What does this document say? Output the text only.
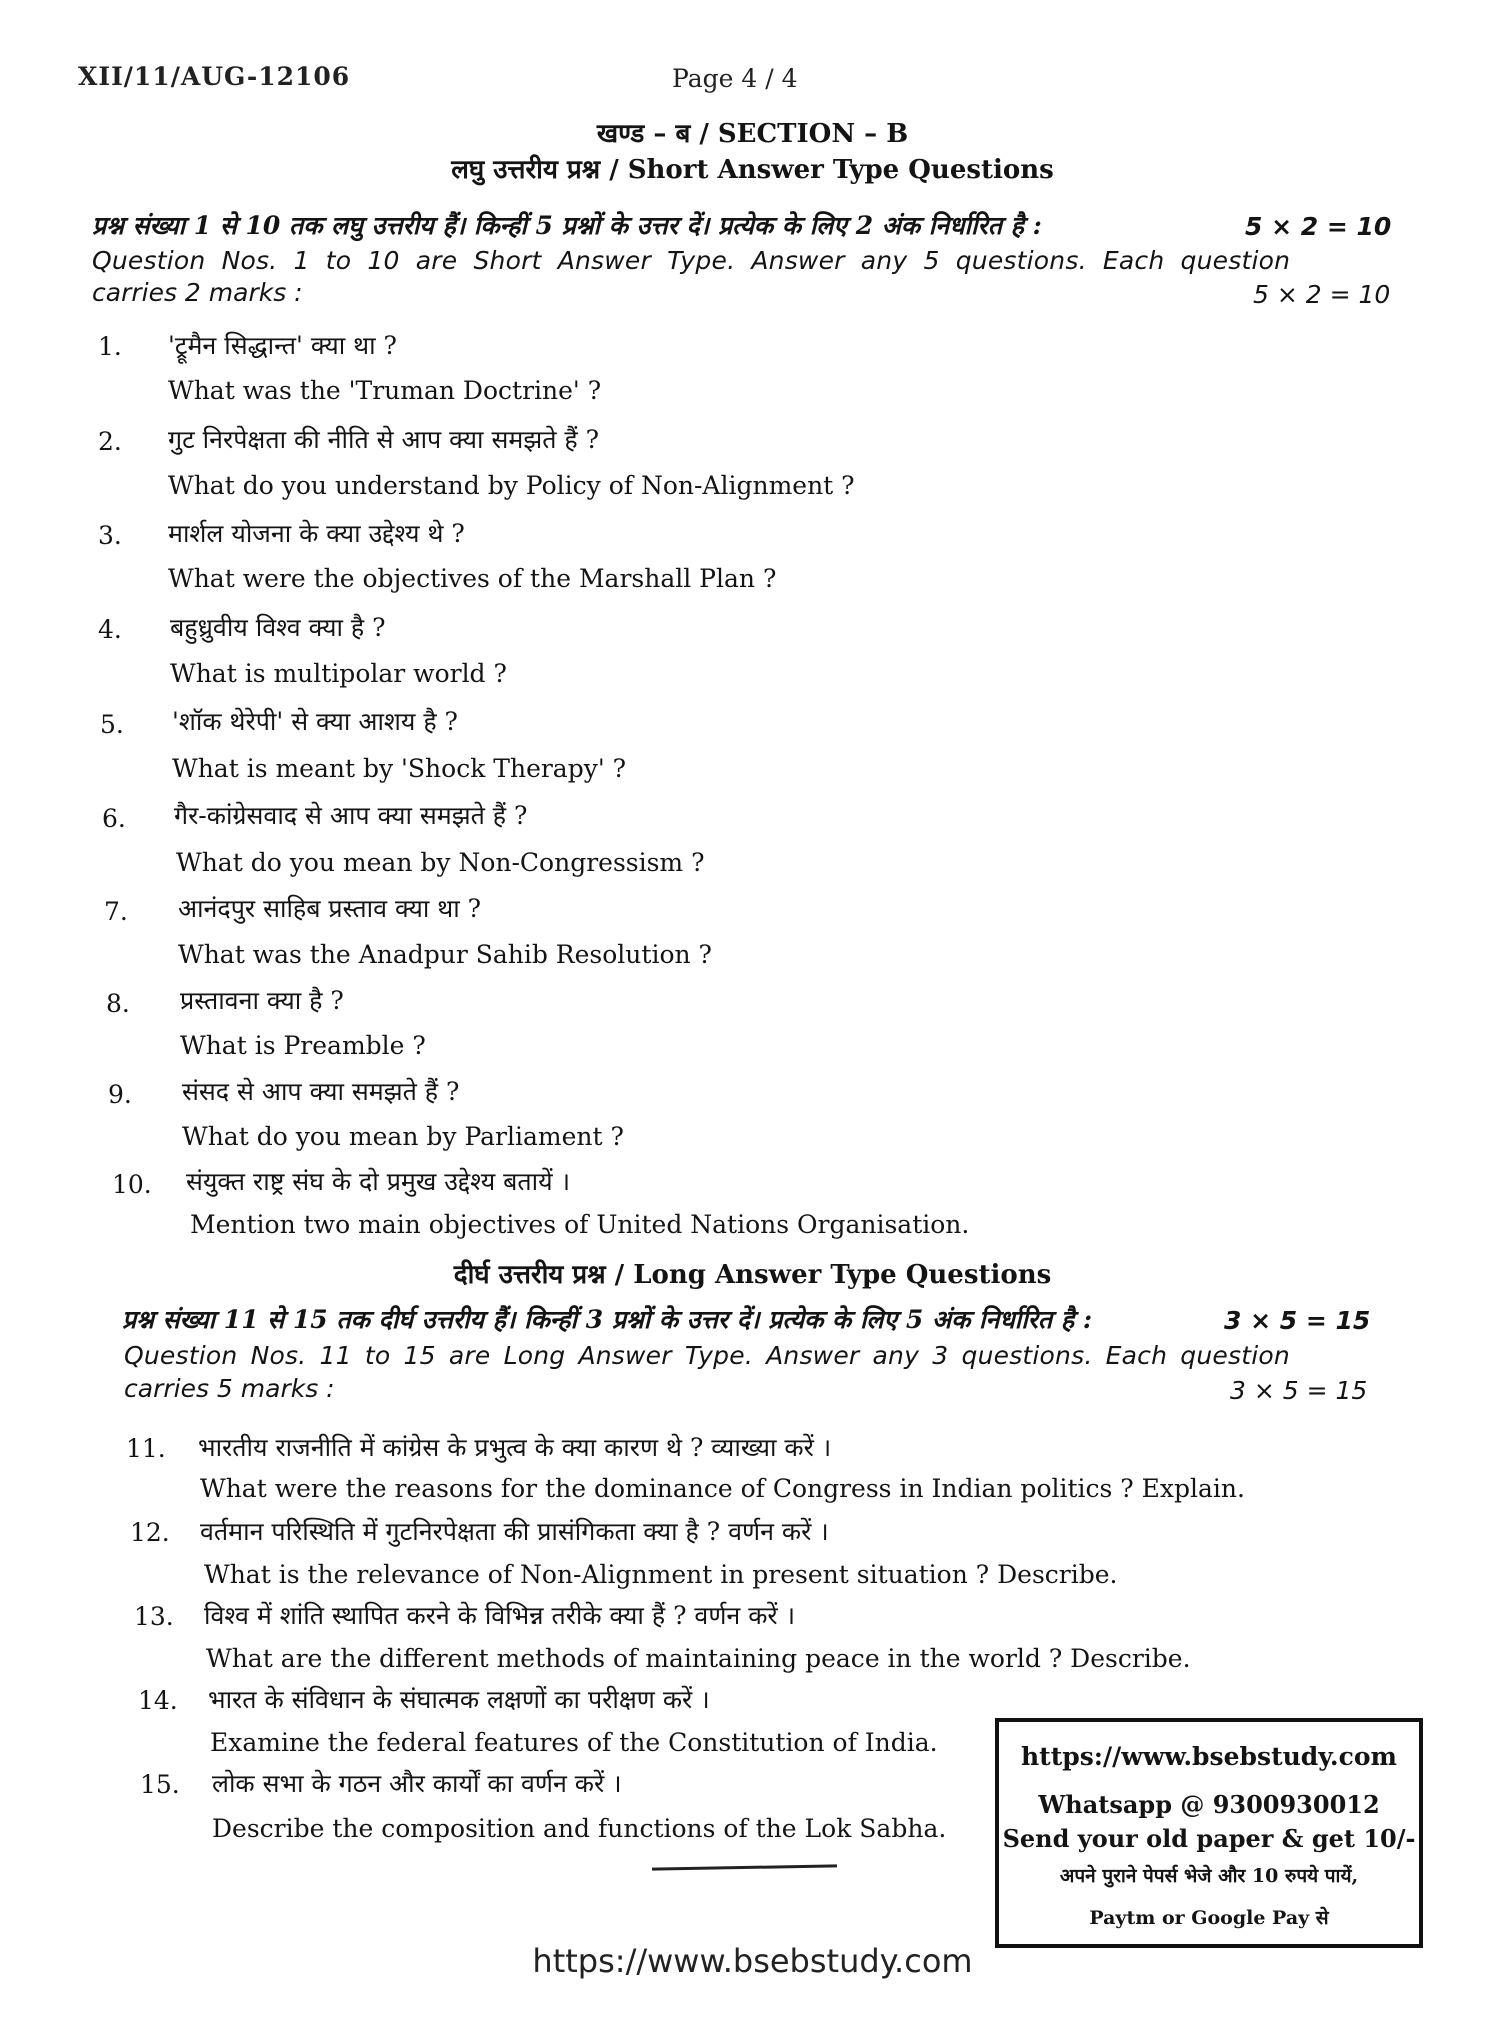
XII/11/AUG-12106	Page 4 / 4
खण्ड – ब / SECTION – B
लघु उत्तरीय प्रश्न / Short Answer Type Questions
प्रश्न संख्या 1 से 10 तक लघु उत्तरीय हैं। किन्हीं 5 प्रश्नों के उत्तर दें। प्रत्येक के लिए 2 अंक निर्धारित है :	5 × 2 = 10
Question Nos. 1 to 10 are Short Answer Type. Answer any 5 questions. Each question
carries 2 marks :	5 × 2 = 10
1. 'ट्रूमैन सिद्धान्त' क्या था ?
What was the 'Truman Doctrine' ?
2. गुट निरपेक्षता की नीति से आप क्या समझते हैं ?
What do you understand by Policy of Non-Alignment ?
3. मार्शल योजना के क्या उद्देश्य थे ?
What were the objectives of the Marshall Plan ?
4. बहुध्रुवीय विश्व क्या है ?
What is multipolar world ?
5. 'शॉक थेरेपी' से क्या आशय है ?
What is meant by 'Shock Therapy' ?
6. गैर-कांग्रेसवाद से आप क्या समझते हैं ?
What do you mean by Non-Congressism ?
7. आनंदपुर साहिब प्रस्ताव क्या था ?
What was the Anadpur Sahib Resolution ?
8. प्रस्तावना क्या है ?
What is Preamble ?
9. संसद से आप क्या समझते हैं ?
What do you mean by Parliament ?
10. संयुक्त राष्ट्र संघ के दो प्रमुख उद्देश्य बतायें ।
Mention two main objectives of United Nations Organisation.
दीर्घ उत्तरीय प्रश्न / Long Answer Type Questions
प्रश्न संख्या 11 से 15 तक दीर्घ उत्तरीय हैं। किन्हीं 3 प्रश्नों के उत्तर दें। प्रत्येक के लिए 5 अंक निर्धारित है :	3 × 5 = 15
Question Nos. 11 to 15 are Long Answer Type. Answer any 3 questions. Each question
carries 5 marks :	3 × 5 = 15
11. भारतीय राजनीति में कांग्रेस के प्रभुत्व के क्या कारण थे ? व्याख्या करें ।
What were the reasons for the dominance of Congress in Indian politics ? Explain.
12. वर्तमान परिस्थिति में गुटनिरपेक्षता की प्रासंगिकता क्या है ? वर्णन करें ।
What is the relevance of Non-Alignment in present situation ? Describe.
13. विश्व में शांति स्थापित करने के विभिन्न तरीके क्या हैं ? वर्णन करें ।
What are the different methods of maintaining peace in the world ? Describe.
14. भारत के संविधान के संघात्मक लक्षणों का परीक्षण करें ।
Examine the federal features of the Constitution of India.
15. लोक सभा के गठन और कार्यों का वर्णन करें ।
Describe the composition and functions of the Lok Sabha.
https://www.bsebstudy.com
Whatsapp @ 9300930012
Send your old paper & get 10/-
अपने पुराने पेपर्स भेजे और 10 रुपये पायें,
Paytm or Google Pay से
https://www.bsebstudy.com
